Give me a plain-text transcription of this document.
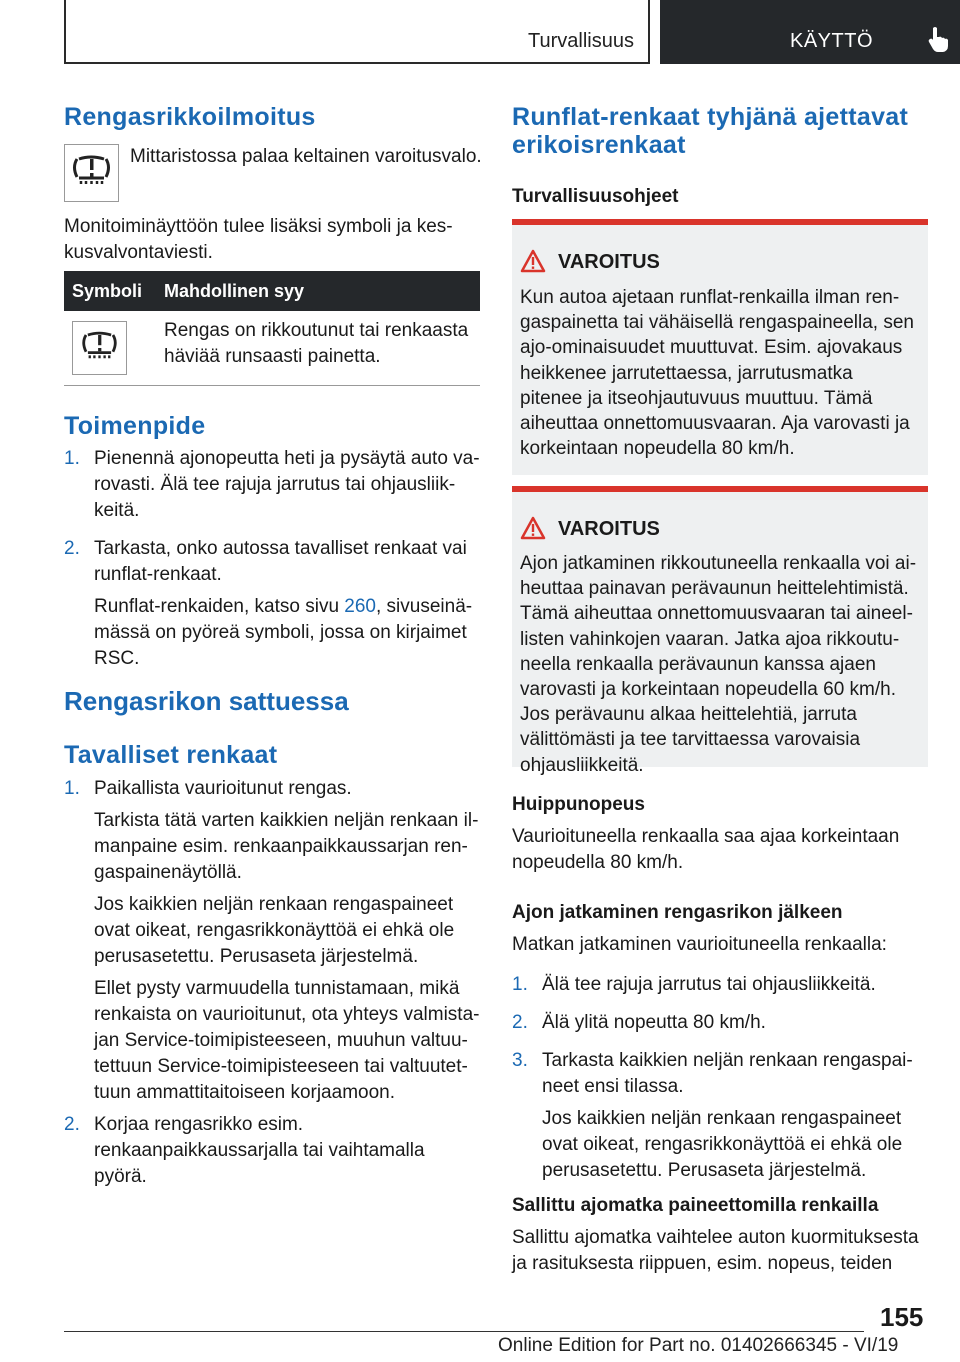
Turvallisuus	KÄYTTÖ
Rengasrikkoilmoitus

Mittaristossa palaa keltainen varoitusvalo.

Monitoiminäyttöön tulee lisäksi symboli ja keskusvalvontaviesti.

Symboli Mahdollinen syy

Rengas on rikkoutunut tai renkaasta häviää runsaasti painetta.

Toimenpide
1. Pienennä ajonopeutta heti ja pysäytä auto varovasti. Älä tee rajuja jarrutus tai ohjausliikkeitä.
2. Tarkasta, onko autossa tavalliset renkaat vai runflat-renkaat.
Runflat-renkaiden, katso sivu 260, sivuseinämässä on pyöreä symboli, jossa on kirjaimet RSC.
Rengasrikon sattuessa
Tavalliset renkaat
1. Paikallista vaurioitunut rengas.
Tarkista tätä varten kaikkien neljän renkaan ilmanpaine esim. renkaanpaikkaussarjan rengaspainenäytöllä.
Jos kaikkien neljän renkaan rengaspaineet ovat oikeat, rengasrikkonäyttöä ei ehkä ole perusasetettu. Perusaseta järjestelmä.
Ellet pysty varmuudella tunnistamaan, mikä renkaista on vaurioitunut, ota yhteys valmistajan Service-toimipisteeseen, muuhun valtuutettuun Service-toimipisteeseen tai valtuutettuun ammattitaitoiseen korjaamoon.
2. Korjaa rengasrikko esim. renkaanpaikkaussarjalla tai vaihtamalla pyörä.
Runflat-renkaat tyhjänä ajettavat erikoisrenkaat
Turvallisuusohjeet
VAROITUS
Kun autoa ajetaan runflat-renkailla ilman rengaspainetta tai vähäisellä rengaspaineella, sen ajo-ominaisuudet muuttuvat. Esim. ajovakaus heikkenee jarrutettaessa, jarrutusmatka pitenee ja itseohjautuvuus muuttuu. Tämä aiheuttaa onnettomuusvaaran. Aja varovasti ja korkeintaan nopeudella 80 km/h.
VAROITUS
Ajon jatkaminen rikkoutuneella renkaalla voi aiheuttaa painavan perävaunun heittelehtimistä. Tämä aiheuttaa onnettomuusvaaran tai aineellisten vahinkojen vaaran. Jatka ajoa rikkoutuneella renkaalla perävaunun kanssa ajaen varovasti ja korkeintaan nopeudella 60 km/h. Jos perävaunu alkaa heittelehtiä, jarruta välittömästi ja tee tarvittaessa varovaisia ohjausliikkeitä.
Huippunopeus

Vaurioituneella renkaalla saa ajaa korkeintaan nopeudella 80 km/h.

Ajon jatkaminen rengasrikon jälkeen

Matkan jatkaminen vaurioituneella renkaalla:

1. Älä tee rajuja jarrutus tai ohjausliikkeitä.
2. Älä ylitä nopeutta 80 km/h.
3. Tarkasta kaikkien neljän renkaan rengaspaineet ensi tilassa.
Jos kaikkien neljän renkaan rengaspaineet ovat oikeat, rengasrikkonäyttöä ei ehkä ole perusasetettu. Perusaseta järjestelmä.
Sallittu ajomatka paineettomilla renkailla

Sallittu ajomatka vaihtelee auton kuormituksesta ja rasituksesta riippuen, esim. nopeus, teiden

155
Online Edition for Part no. 01402666345 - VI/19
